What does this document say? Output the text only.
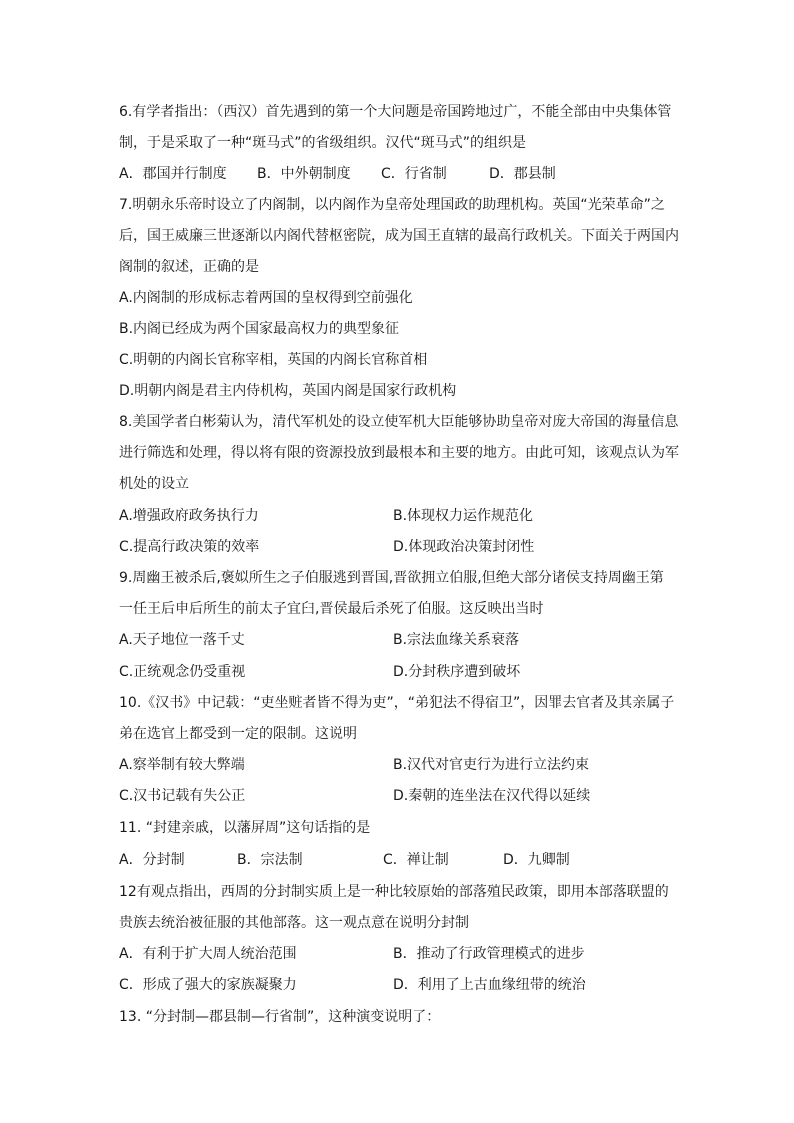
6.有学者指出：（西汉）首先遇到的第一个大问题是帝国跨地过广，不能全部由中央集体管
制，于是采取了一种“斑马式”的省级组织。汉代“斑马式”的组织是
A．郡国并行制度 B．中外朝制度 C．行省制	D．郡县制
7.明朝永乐帝时设立了内阁制，以内阁作为皇帝处理国政的助理机构。英国“光荣革命”之
后，国王威廉三世逐渐以内阁代替枢密院，成为国王直辖的最高行政机关。下面关于两国内
阁制的叙述，正确的是
A.内阁制的形成标志着两国的皇权得到空前强化
B.内阁已经成为两个国家最高权力的典型象征
C.明朝的内阁长官称宰相，英国的内阁长官称首相
D.明朝内阁是君主内侍机构，英国内阁是国家行政机构
8.美国学者白彬菊认为，清代军机处的设立使军机大臣能够协助皇帝对庞大帝国的海量信息
进行筛选和处理，得以将有限的资源投放到最根本和主要的地方。由此可知，该观点认为军
机处的设立
A.增强政府政务执行力	B.体现权力运作规范化
C.提高行政决策的效率	D.体现政治决策封闭性
9.周幽王被杀后,褒姒所生之子伯服逃到晋国,晋欲拥立伯服,但绝大部分诸侯支持周幽王第
一任王后申后所生的前太子宜臼,晋侯最后杀死了伯服。这反映出当时
A.天子地位一落千丈	B.宗法血缘关系衰落
C.正统观念仍受重视	D.分封秩序遭到破坏
10.《汉书》中记载：“吏坐赃者皆不得为吏”，“弟犯法不得宿卫”，因罪去官者及其亲属子
弟在选官上都受到一定的限制。这说明
A.察举制有较大弊端	B.汉代对官吏行为进行立法约束
C.汉书记载有失公正	D.秦朝的连坐法在汉代得以延续
11. “封建亲戚，以藩屏周”这句话指的是
A．分封制	B．宗法制	C．禅让制	D．九卿制
12有观点指出，西周的分封制实质上是一种比较原始的部落殖民政策，即用本部落联盟的
贵族去统治被征服的其他部落。这一观点意在说明分封制
A．有利于扩大周人统治范围	B．推动了行政管理模式的进步
C．形成了强大的家族凝聚力	D．利用了上古血缘纽带的统治
13. “分封制—郡县制—行省制”，这种演变说明了：
